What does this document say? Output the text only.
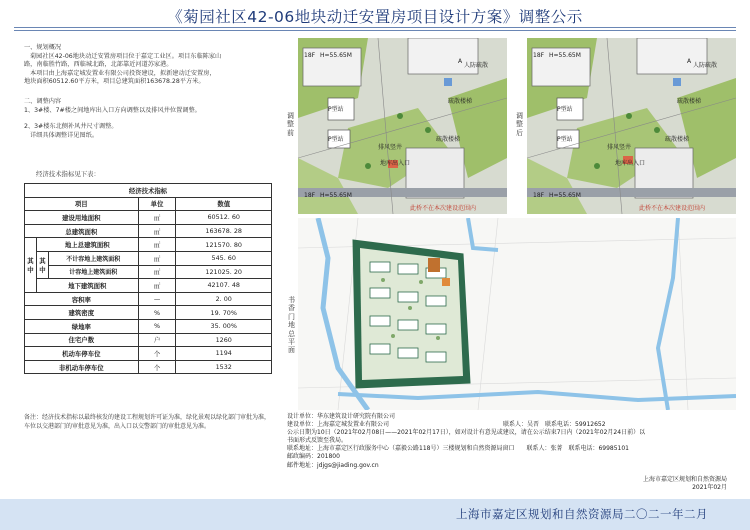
《菊园社区42-06地块动迁安置房项目设计方案》调整公示

一、规划概况

菊园社区42-06地块动迁安置房项目位于嘉定工业区。项目东临陈家山

路，南临胜竹路，西临城北路，北部靠近河道苏家港。

本项目由上海嘉定城发置业有限公司投资建设，拟新建动迁安置房，

地块面积60512.60平方米，项目总建筑面积163678.28平方米。

二、调整内容

1、3#楼、7#楼之间地库出入口方向调整以及排风井位置调整。

2、3#楼东北侧补风井尺寸调整。

详细具体调整详见图纸。

经济技术指标见下表：
经济技术指标				
项目			单位	数值
建设用地面积			㎡	60512. 60
总建筑面积			㎡	163678. 28
其中	地上总建筑面积		㎡	121570. 80
	其中	不计容地上建筑面积	㎡	545. 60
		计容地上建筑面积	㎡	121025. 20
	地下建筑面积		㎡	42107. 48
容积率			—	2. 00
建筑密度			%	19. 70%
绿地率			%	35. 00%
住宅户数			户	1260
机动车停车位			个	1194
非机动车停车位			个	1532
备注：经济技术指标以最终核发的建设工程规划许可证为准，绿化景观以绿化部门审批为准，车位以交港部门的审批意见为准，出入口以交警部门的审批意见为准。
调整前
18F H=55.65M
A
人防疏散
P型站
P型站
疏散楼梯
疏散楼梯
排风竖井
地库出入口
18F H=55.65M
此桥不在本次建设范围内
调整后
18F H=55.65M
A
人防疏散
P型站
P型站
疏散楼梯
疏散楼梯
排风竖井
地库出入口
18F H=55.65M
此桥不在本次建设范围内
书香门地总平面

设计单位：华东建筑设计研究院有限公司

建设单位：上海嘉定城发置业有限公司　　　　　　　　　　　　　　　　　　　联系人：吴晋　联系电话：59912652

公示日期为10日（2021年02月08日——2021年02月17日），如对设计有意见或建议，请在公示结束7日内（2021年02月24日前）以

书面形式反馈至我局。

联系地址：上海市嘉定区行政服务中心（嘉毅公路118号）三楼规划和自然资源局窗口　　联系人：张菁　联系电话：69985101

邮政编码：201800

邮件地址：jdjgs@jiading.gov.cn

上海市嘉定区规划和自然资源局
2021年02月
上海市嘉定区规划和自然资源局二〇二一年二月
